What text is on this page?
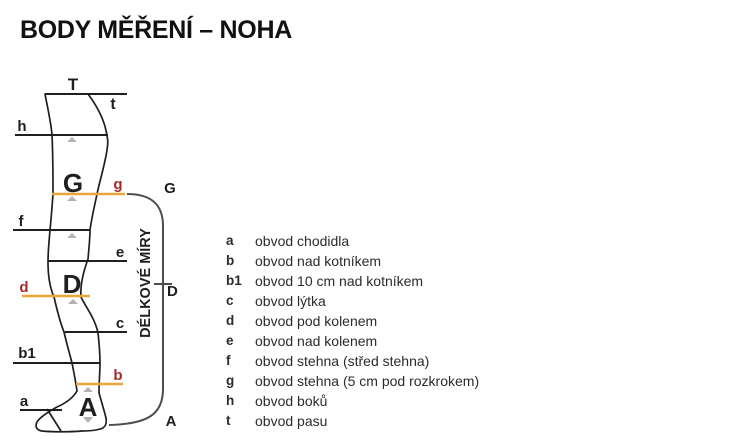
BODY MĚŘENÍ – NOHA
T
t
h
G g	G
f
e
d D	D
c
b1
b
a A	A
DÉLKOVÉ MÍRY	a	obvod chodidla
b	obvod nad kotníkem
b1 obvod 10 cm nad kotníkem
c	obvod lýtka
d	obvod pod kolenem
e	obvod nad kolenem
f	obvod stehna (střed stehna)
g	obvod stehna (5 cm pod rozkrokem)
h	obvod boků
t	obvod pasu
